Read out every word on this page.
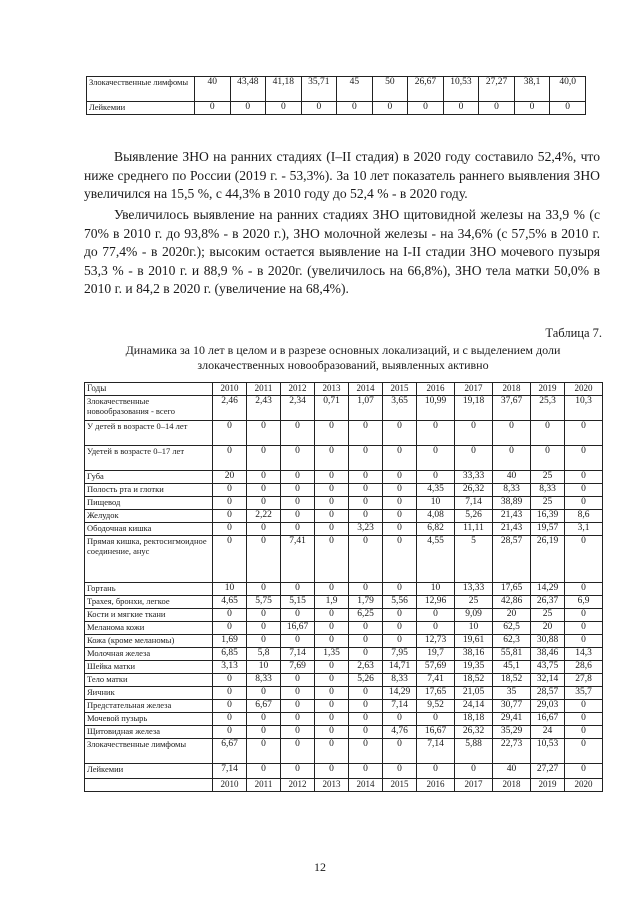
Злокачественные лимфомы	40	43,48	41,18	35,71	45	50	26,67	10,53	27,27	38,1	40,0
Лейкемии	0	0	0	0	0	0	0	0	0	0	0

Выявление ЗНО на ранних стадиях (I–II стадия) в 2020 году составило 52,4%, что ниже среднего по России (2019 г. - 53,3%). За 10 лет показатель раннего выявления ЗНО увеличился на 15,5 %, с 44,3% в 2010 году до 52,4 % - в 2020 году.

Увеличилось выявление на ранних стадиях ЗНО щитовидной железы на 33,9 % (с 70% в 2010 г. до 93,8% - в 2020 г.), ЗНО молочной железы - на 34,6% (с 57,5% в 2010 г. до 77,4% - в 2020г.); высоким остается выявление на I-II стадии ЗНО мочевого пузыря 53,3 % - в 2010 г. и 88,9 % - в 2020г. (увеличилось на 66,8%), ЗНО тела матки 50,0% в 2010 г. и 84,2 в 2020 г. (увеличение на 68,4%).

Таблица 7.
Динамика за 10 лет в целом и в разрезе основных локализаций, и с выделением доли злокачественных новообразований, выявленных активно
Годы	2010	2011	2012	2013	2014	2015	2016	2017	2018	2019	2020
Злокачественные новообразования - всего	2,46	2,43	2,34	0,71	1,07	3,65	10,99	19,18	37,67	25,3	10,3
У детей в возрасте 0–14 лет	0	0	0	0	0	0	0	0	0	0	0
Удетей в возрасте 0–17 лет	0	0	0	0	0	0	0	0	0	0	0
Губа	20	0	0	0	0	0	0	33,33	40	25	0
Полость рта и глотки	0	0	0	0	0	0	4,35	26,32	8,33	8,33	0
Пищевод	0	0	0	0	0	0	10	7,14	38,89	25	0
Желудок	0	2,22	0	0	0	0	4,08	5,26	21,43	16,39	8,6
Ободочная кишка	0	0	0	0	3,23	0	6,82	11,11	21,43	19,57	3,1
Прямая кишка, ректосигмоидное соединение, анус	0	0	7,41	0	0	0	4,55	5	28,57	26,19	0
Гортань	10	0	0	0	0	0	10	13,33	17,65	14,29	0
Трахея, бронхи, легкое	4,65	5,75	5,15	1,9	1,79	5,56	12,96	25	42,86	26,37	6,9
Кости и мягкие ткани	0	0	0	0	6,25	0	0	9,09	20	25	0
Меланома кожи	0	0	16,67	0	0	0	0	10	62,5	20	0
Кожа (кроме меланомы)	1,69	0	0	0	0	0	12,73	19,61	62,3	30,88	0
Молочная железа	6,85	5,8	7,14	1,35	0	7,95	19,7	38,16	55,81	38,46	14,3
Шейка матки	3,13	10	7,69	0	2,63	14,71	57,69	19,35	45,1	43,75	28,6
Тело матки	0	8,33	0	0	5,26	8,33	7,41	18,52	18,52	32,14	27,8
Яичник	0	0	0	0	0	14,29	17,65	21,05	35	28,57	35,7
Предстательная железа	0	6,67	0	0	0	7,14	9,52	24,14	30,77	29,03	0
Мочевой пузырь	0	0	0	0	0	0	0	18,18	29,41	16,67	0
Щитовидная железа	0	0	0	0	0	4,76	16,67	26,32	35,29	24	0
Злокачественные лимфомы	6,67	0	0	0	0	0	7,14	5,88	22,73	10,53	0
Лейкемии	7,14	0	0	0	0	0	0	0	40	27,27	0
	2010	2011	2012	2013	2014	2015	2016	2017	2018	2019	2020
12
